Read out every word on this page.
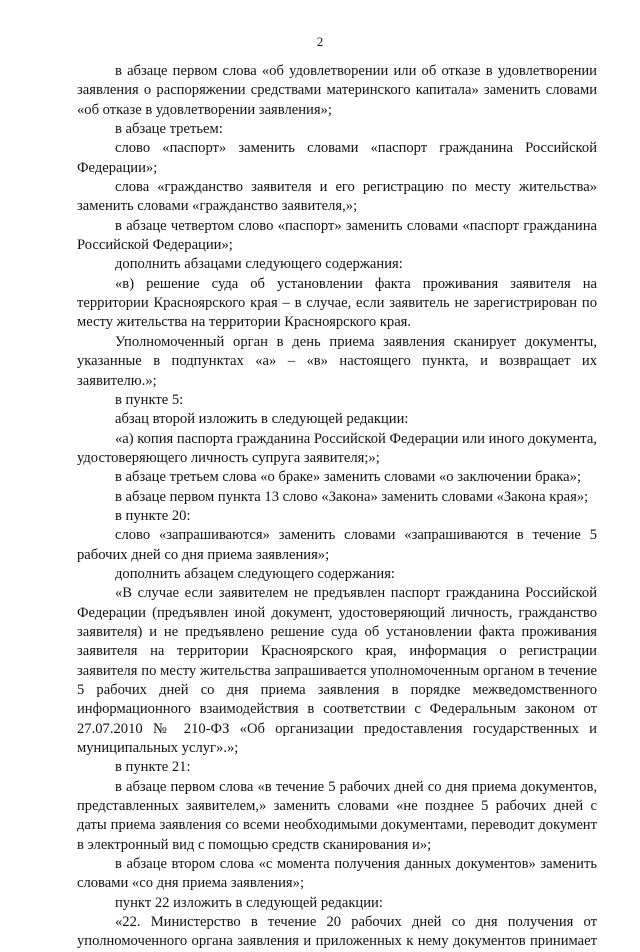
2

в абзаце первом слова «об удовлетворении или об отказе в удовлетворении заявления о распоряжении средствами материнского капитала» заменить словами «об отказе в удовлетворении заявления»;

в абзаце третьем:

слово «паспорт» заменить словами «паспорт гражданина Российской Федерации»;

слова «гражданство заявителя и его регистрацию по месту жительства» заменить словами «гражданство заявителя,»;

в абзаце четвертом слово «паспорт» заменить словами «паспорт гражданина Российской Федерации»;

дополнить абзацами следующего содержания:

«в) решение суда об установлении факта проживания заявителя на территории Красноярского края – в случае, если заявитель не зарегистрирован по месту жительства на территории Красноярского края.

Уполномоченный орган в день приема заявления сканирует документы, указанные в подпунктах «а» – «в» настоящего пункта, и возвращает их заявителю.»;

в пункте 5:

абзац второй изложить в следующей редакции:

«а) копия паспорта гражданина Российской Федерации или иного документа, удостоверяющего личность супруга заявителя;»;

в абзаце третьем слова «о браке» заменить словами «о заключении брака»;

в абзаце первом пункта 13 слово «Закона» заменить словами «Закона края»;

в пункте 20:

слово «запрашиваются» заменить словами «запрашиваются в течение 5 рабочих дней со дня приема заявления»;

дополнить абзацем следующего содержания:

«В случае если заявителем не предъявлен паспорт гражданина Российской Федерации (предъявлен иной документ, удостоверяющий личность, гражданство заявителя) и не предъявлено решение суда об установлении факта проживания заявителя на территории Красноярского края, информация о регистрации заявителя по месту жительства запрашивается уполномоченным органом в течение 5 рабочих дней со дня приема заявления в порядке межведомственного информационного взаимодействия в соответствии с Федеральным законом от 27.07.2010 № 210-ФЗ «Об организации предоставления государственных и муниципальных услуг».»;

в пункте 21:

в абзаце первом слова «в течение 5 рабочих дней со дня приема документов, представленных заявителем,» заменить словами «не позднее 5 рабочих дней с даты приема заявления со всеми необходимыми документами, переводит документ в электронный вид с помощью средств сканирования и»;

в абзаце втором слова «с момента получения данных документов» заменить словами «со дня приема заявления»;

пункт 22 изложить в следующей редакции:

«22. Министерство в течение 20 рабочих дней со дня получения от уполномоченного органа заявления и приложенных к нему документов принимает
